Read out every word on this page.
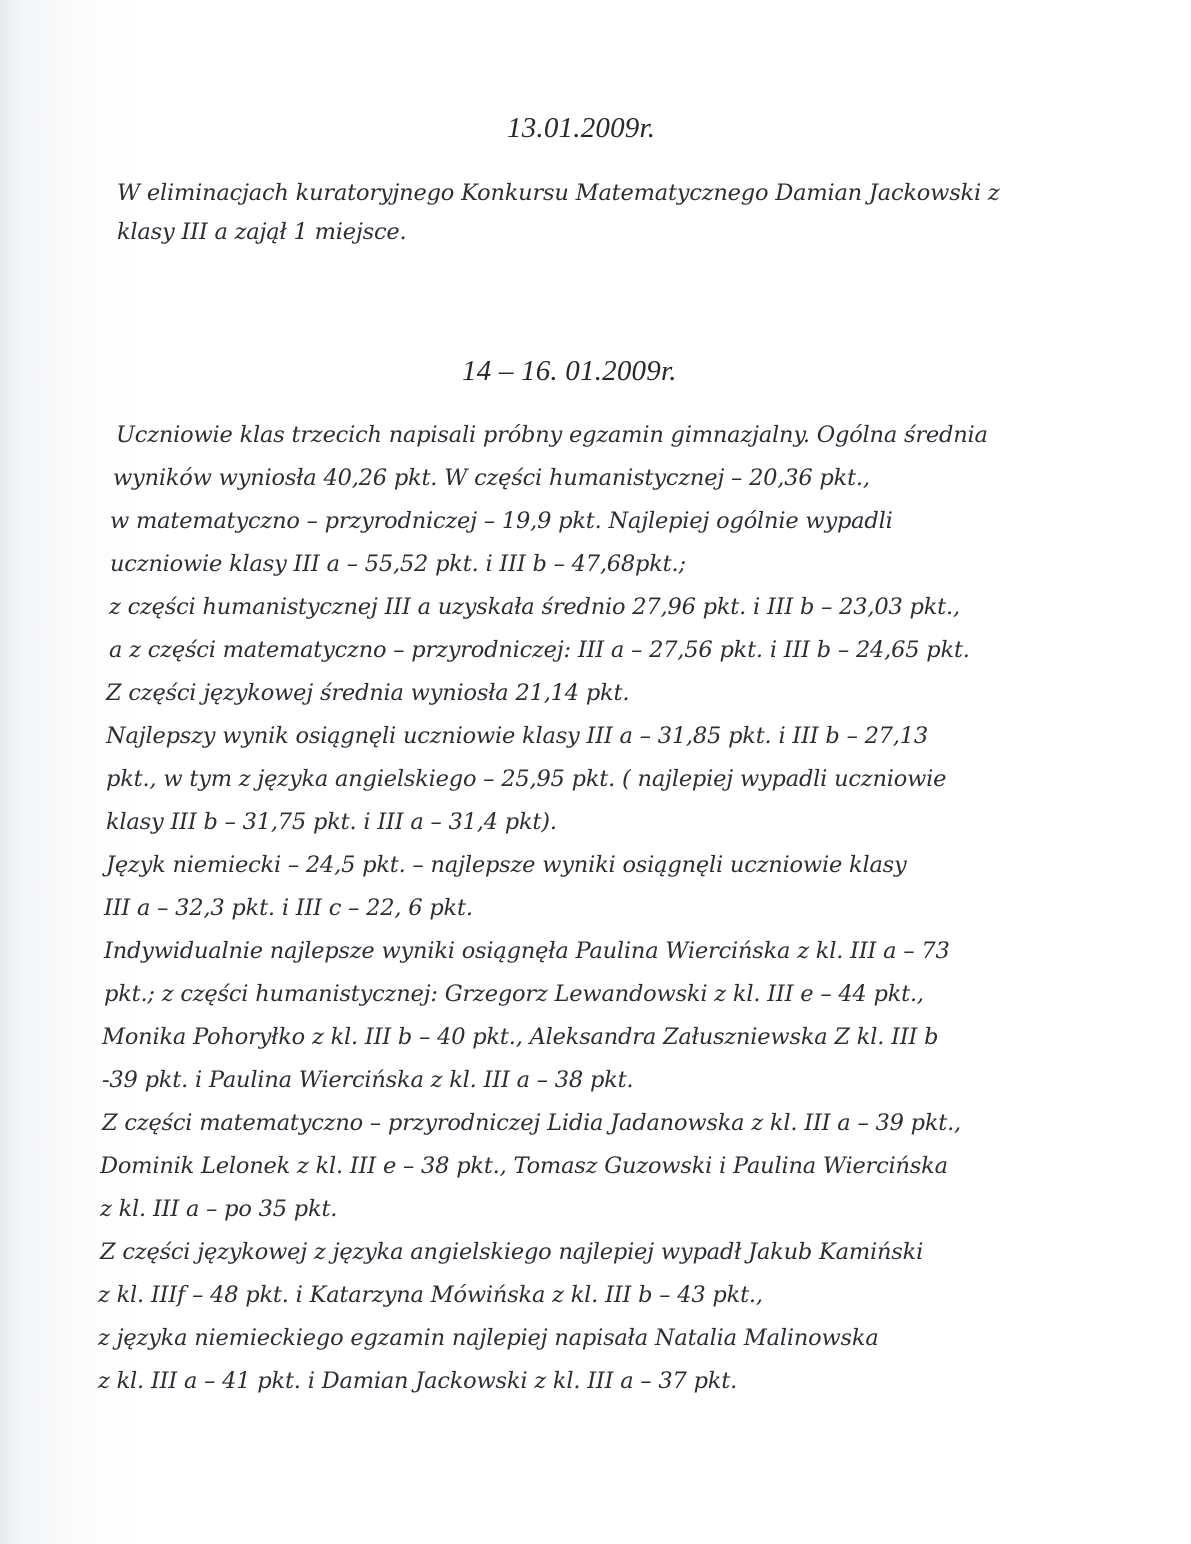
13.01.2009r.
W eliminacjach kuratoryjnego Konkursu Matematycznego Damian Jackowski z
klasy III a zajął 1 miejsce.
14 – 16. 01.2009r.
Uczniowie klas trzecich napisali próbny egzamin gimnazjalny. Ogólna średnia
wyników wyniosła 40,26 pkt. W części humanistycznej – 20,36 pkt.,
w matematyczno – przyrodniczej – 19,9 pkt. Najlepiej ogólnie wypadli
uczniowie klasy III a – 55,52 pkt. i III b – 47,68pkt.;
z części humanistycznej III a uzyskała średnio 27,96 pkt. i III b – 23,03 pkt.,
a z części matematyczno – przyrodniczej: III a – 27,56 pkt. i III b – 24,65 pkt.
Z części językowej średnia wyniosła 21,14 pkt.
Najlepszy wynik osiągnęli uczniowie klasy III a – 31,85 pkt. i III b – 27,13
pkt., w tym z języka angielskiego – 25,95 pkt. ( najlepiej wypadli uczniowie
klasy III b – 31,75 pkt. i III a – 31,4 pkt).
Język niemiecki – 24,5 pkt. – najlepsze wyniki osiągnęli uczniowie klasy
III a – 32,3 pkt. i III c – 22, 6 pkt.
Indywidualnie najlepsze wyniki osiągnęła Paulina Wiercińska z kl. III a – 73
pkt.; z części humanistycznej: Grzegorz Lewandowski z kl. III e – 44 pkt.,
Monika Pohoryłko z kl. III b – 40 pkt., Aleksandra Załuszniewska Z kl. III b
-39 pkt. i Paulina Wiercińska z kl. III a – 38 pkt.
Z części matematyczno – przyrodniczej Lidia Jadanowska z kl. III a – 39 pkt.,
Dominik Lelonek z kl. III e – 38 pkt., Tomasz Guzowski i Paulina Wiercińska
z kl. III a – po 35 pkt.
Z części językowej z języka angielskiego najlepiej wypadł Jakub Kamiński
z kl. IIIf – 48 pkt. i Katarzyna Mówińska z kl. III b – 43 pkt.,
z języka niemieckiego egzamin najlepiej napisała Natalia Malinowska
z kl. III a – 41 pkt. i Damian Jackowski z kl. III a – 37 pkt.
